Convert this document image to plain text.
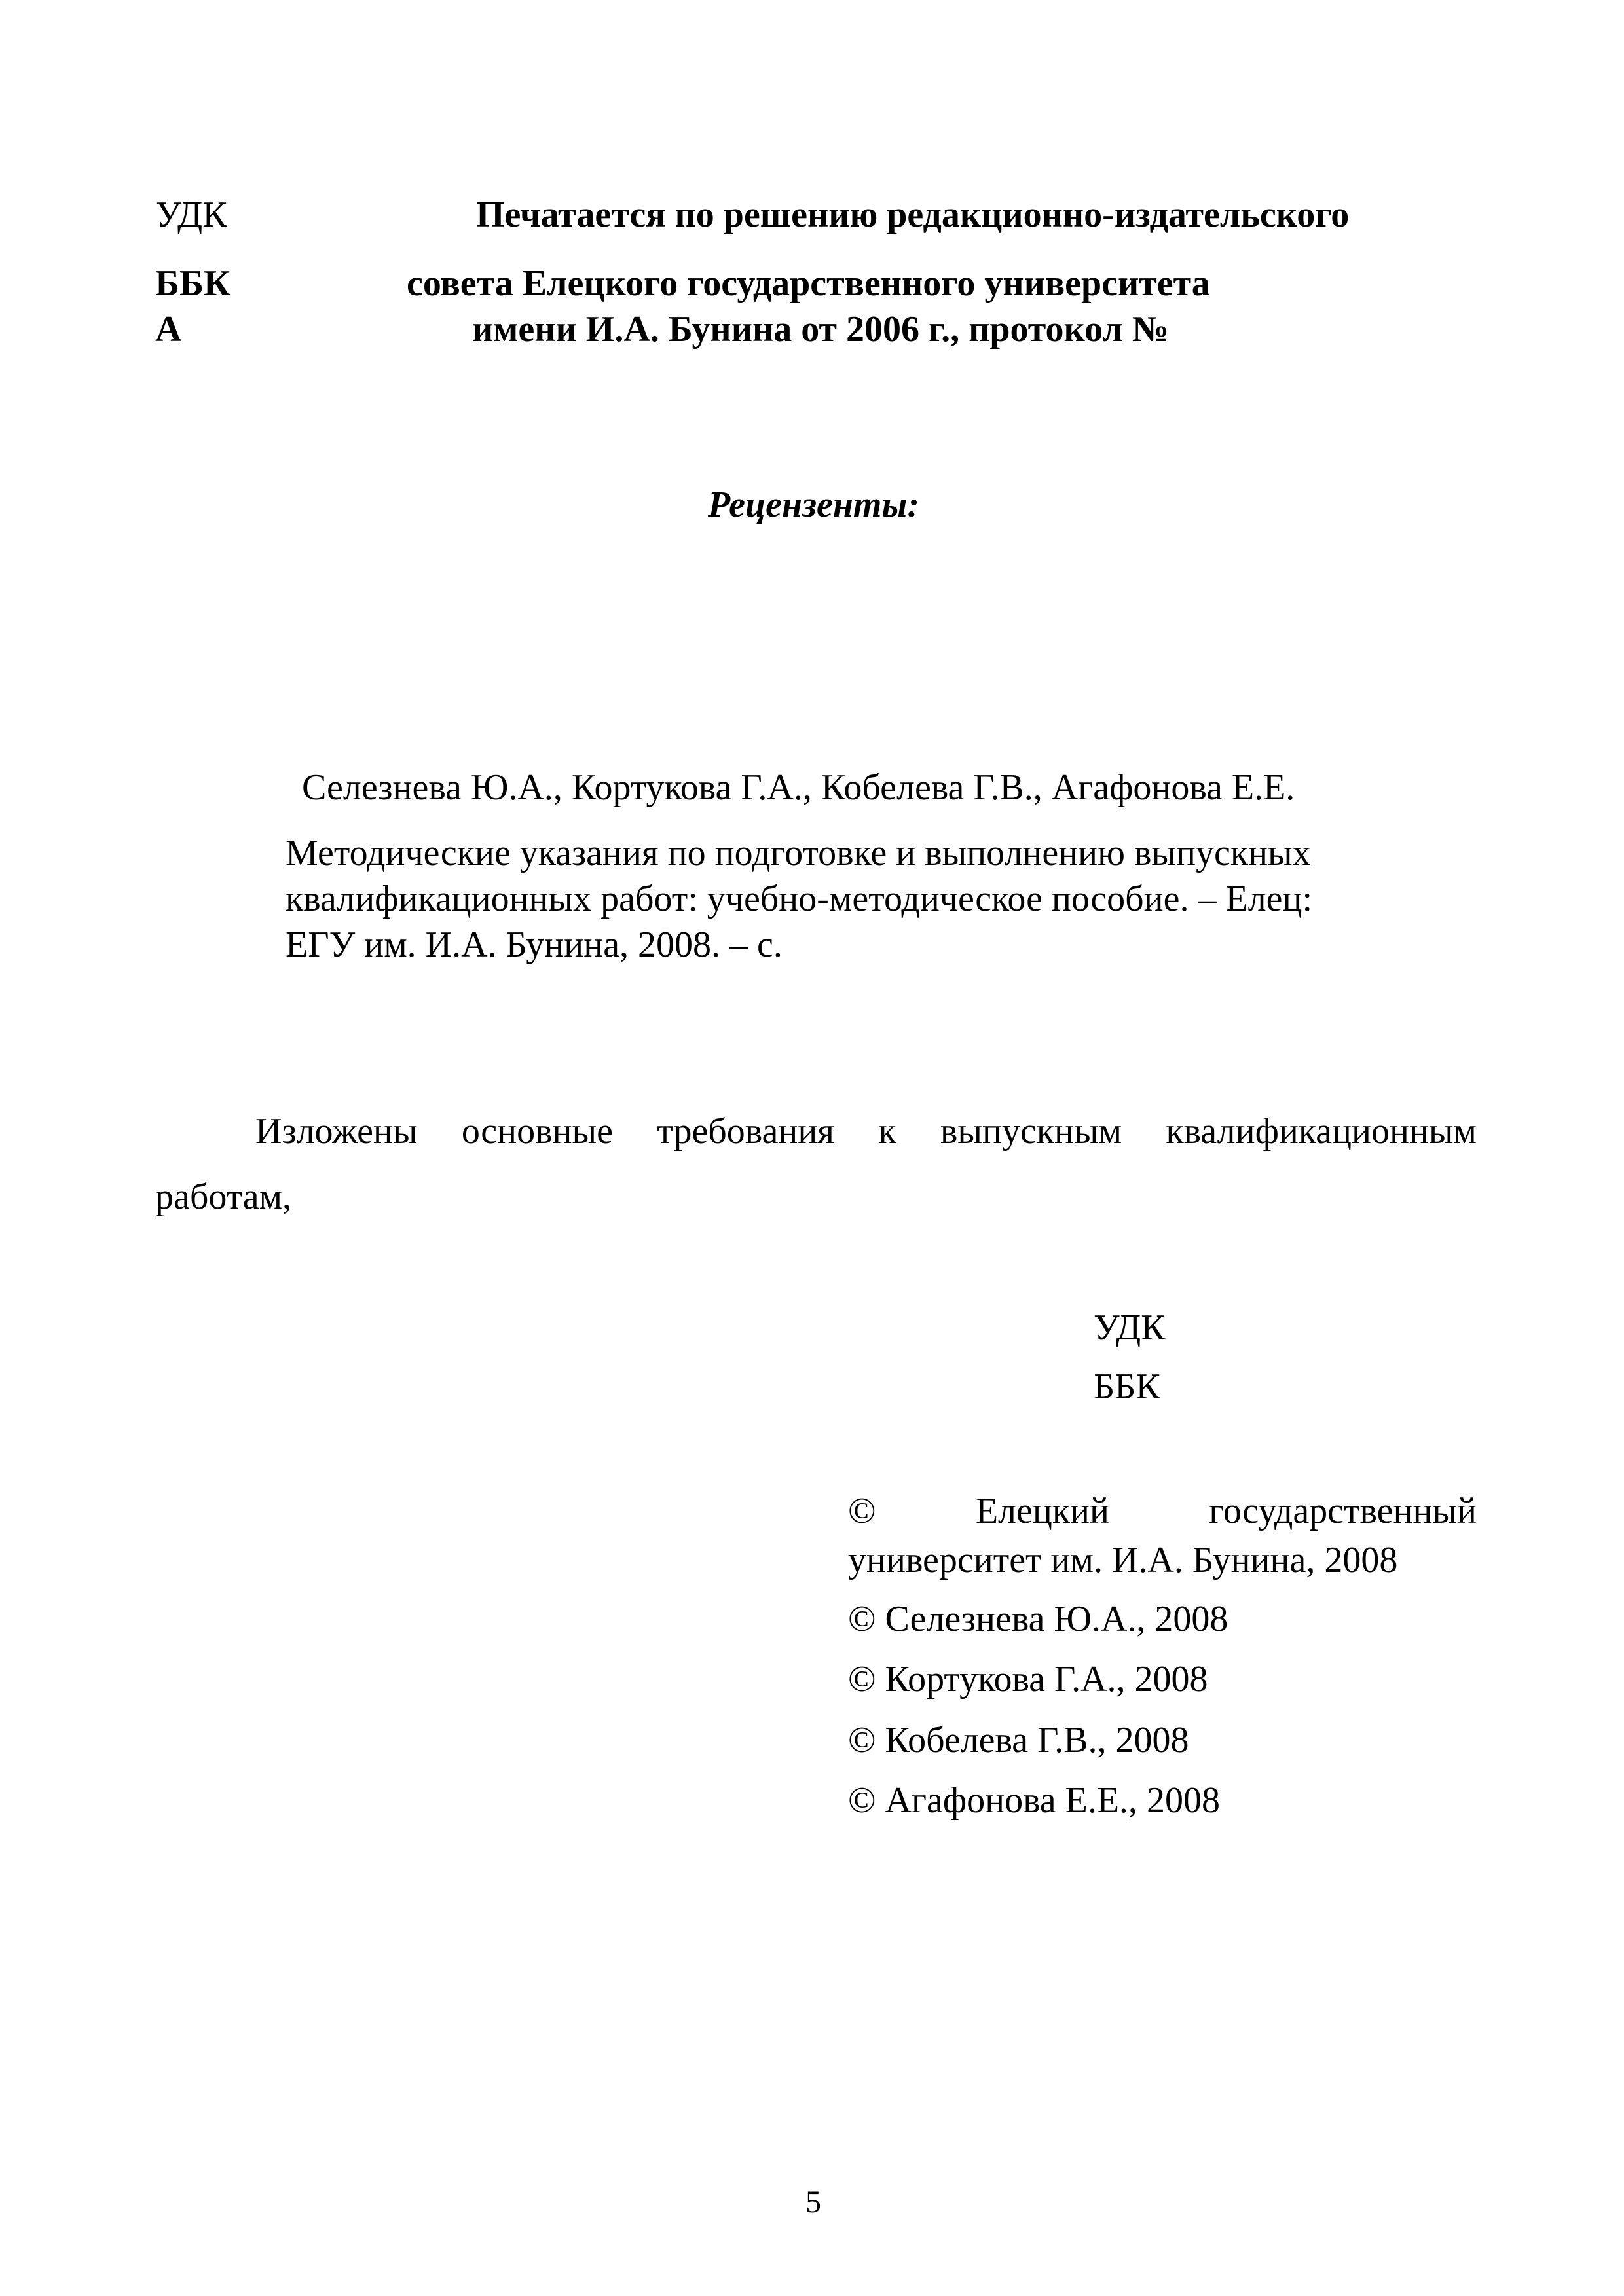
УДК	Печатается по решению редакционно-издательского
ББК	совета Елецкого государственного университета
А	имени И.А. Бунина от 2006 г., протокол №
Рецензенты:
Селезнева Ю.А., Кортукова Г.А., Кобелева Г.В., Агафонова Е.Е.
Методические указания по подготовке и выполнению выпускных
квалификационных работ: учебно-методическое пособие. – Елец:
ЕГУ им. И.А. Бунина, 2008. – с.
Изложены основные требования к выпускным квалификационным
работам,
УДК
ББК
©	Елецкий	государственный
университет им. И.А. Бунина, 2008
© Селезнева Ю.А., 2008
© Кортукова Г.А., 2008
© Кобелева Г.В., 2008
© Агафонова Е.Е., 2008
5
